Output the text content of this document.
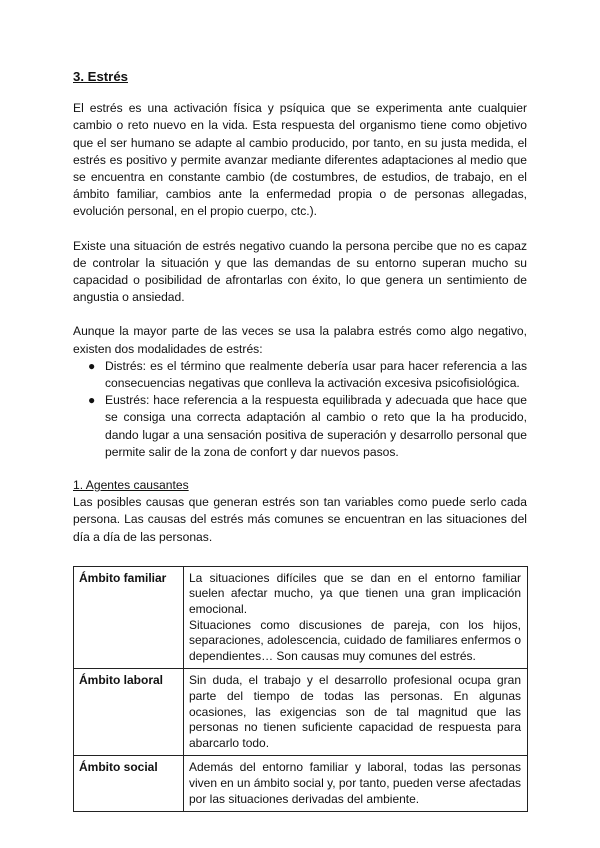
3. Estrés

El estrés es una activación física y psíquica que se experimenta ante cualquier cambio o reto nuevo en la vida. Esta respuesta del organismo tiene como objetivo que el ser humano se adapte al cambio producido, por tanto, en su justa medida, el estrés es positivo y permite avanzar mediante diferentes adaptaciones al medio que se encuentra en constante cambio (de costumbres, de estudios, de trabajo, en el ámbito familiar, cambios ante la enfermedad propia o de personas allegadas, evolución personal, en el propio cuerpo, ctc.).

Existe una situación de estrés negativo cuando la persona percibe que no es capaz de controlar la situación y que las demandas de su entorno superan mucho su capacidad o posibilidad de afrontarlas con éxito, lo que genera un sentimiento de angustia o ansiedad.

Aunque la mayor parte de las veces se usa la palabra estrés como algo negativo, existen dos modalidades de estrés:

● Distrés: es el término que realmente debería usar para hacer referencia a las consecuencias negativas que conlleva la activación excesiva psicofisiológica.
● Eustrés: hace referencia a la respuesta equilibrada y adecuada que hace que se consiga una correcta adaptación al cambio o reto que la ha producido, dando lugar a una sensación positiva de superación y desarrollo personal que permite salir de la zona de confort y dar nuevos pasos.
1. Agentes causantes

Las posibles causas que generan estrés son tan variables como puede serlo cada persona. Las causas del estrés más comunes se encuentran en las situaciones del día a día de las personas.

Ámbito familiar	La situaciones difíciles que se dan en el entorno familiar suelen afectar mucho, ya que tienen una gran implicación emocional.
Situaciones como discusiones de pareja, con los hijos, separaciones, adolescencia, cuidado de familiares enfermos o dependientes… Son causas muy comunes del estrés.

Ámbito laboral	Sin duda, el trabajo y el desarrollo profesional ocupa gran parte del tiempo de todas las personas. En algunas ocasiones, las exigencias son de tal magnitud que las personas no tienen suficiente capacidad de respuesta para abarcarlo todo.

Ámbito social	Además del entorno familiar y laboral, todas las personas viven en un ámbito social y, por tanto, pueden verse afectadas por las situaciones derivadas del ambiente.
